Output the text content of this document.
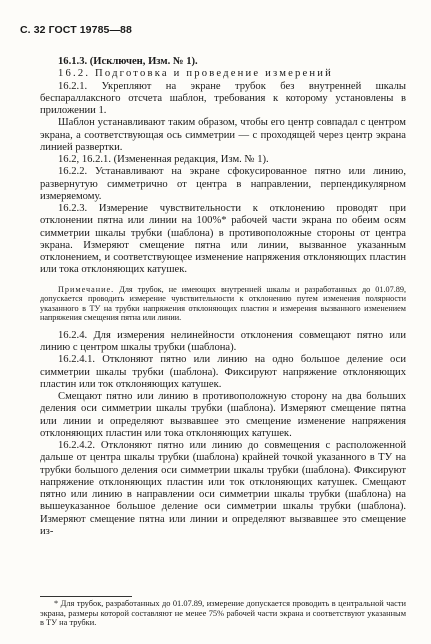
С. 32 ГОСТ 19785—88

16.1.3. (Исключен, Изм. № 1).

16.2. Подготовка и проведение измерений

16.2.1. Укрепляют на экране трубок без внутренней шкалы беспараллаксного отсчета шаблон, требования к которому установлены в приложении 1.

Шаблон устанавливают таким образом, чтобы его центр совпадал с центром экрана, а соответствующая ось симметрии — с проходящей через центр экрана линией развертки.

16.2, 16.2.1. (Измененная редакция, Изм. № 1).

16.2.2. Устанавливают на экране сфокусированное пятно или линию, развернутую симметрично от центра в направлении, перпендикулярном измеряемому.

16.2.3. Измерение чувствительности к отклонению проводят при отклонении пятна или линии на 100%* рабочей части экрана по обеим осям симметрии шкалы трубки (шаблона) в противоположные стороны от центра экрана. Измеряют смещение пятна или линии, вызванное указанным отклонением, и соответствующее изменение напряжения отклоняющих пластин или тока отклоняющих катушек.

Примечание. Для трубок, не имеющих внутренней шкалы и разработанных до 01.07.89, допускается проводить измерение чувствительности к отклонению путем изменения полярности указанного в ТУ на трубки напряжения отклоняющих пластин и измерения вызванного изменением напряжения смещения пятна или линии.

16.2.4. Для измерения нелинейности отклонения совмещают пятно или линию с центром шкалы трубки (шаблона).

16.2.4.1. Отклоняют пятно или линию на одно большое деление оси симметрии шкалы трубки (шаблона). Фиксируют напряжение отклоняющих пластин или ток отклоняющих катушек.

Смещают пятно или линию в противоположную сторону на два больших деления оси симметрии шкалы трубки (шаблона). Измеряют смещение пятна или линии и определяют вызвавшее это смещение изменение напряжения отклоняющих пластин или тока отклоняющих катушек.

16.2.4.2. Отклоняют пятно или линию до совмещения с расположенной дальше от центра шкалы трубки (шаблона) крайней точкой указанного в ТУ на трубки большого деления оси симметрии шкалы трубки (шаблона). Фиксируют напряжение отклоняющих пластин или ток отклоняющих катушек. Смещают пятно или линию в направлении оси симметрии шкалы трубки (шаблона) на вышеуказанное большое деление оси симметрии шкалы трубки (шаблона). Измеряют смещение пятна или линии и определяют вызвавшее это смещение из-

* Для трубок, разработанных до 01.07.89, измерение допускается проводить в центральной части экрана, размеры которой составляют не менее 75% рабочей части экрана и соответствуют указанным в ТУ на трубки.
